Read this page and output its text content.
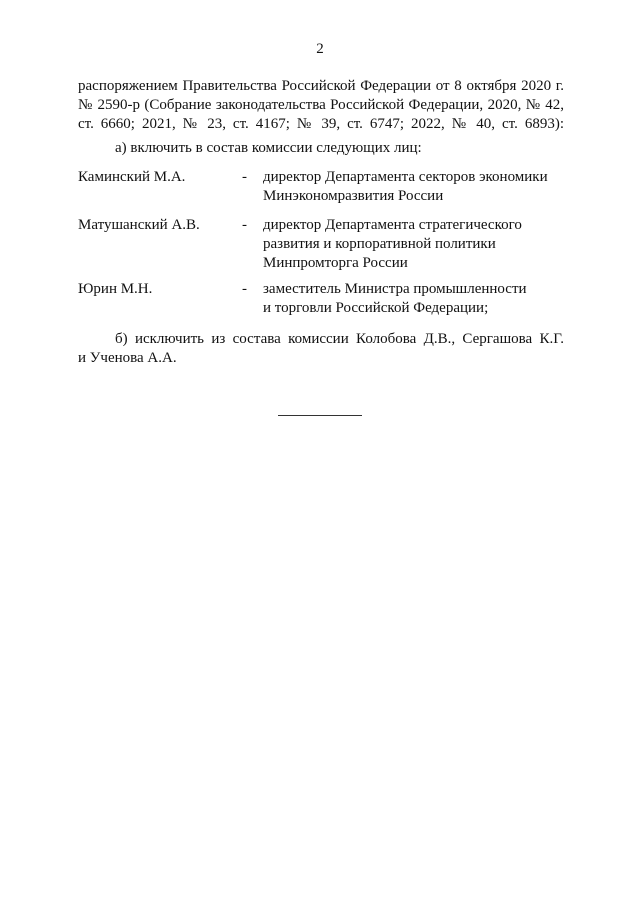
2
распоряжением Правительства Российской Федерации от 8 октября 2020 г.
№ 2590-р (Собрание законодательства Российской Федерации, 2020, № 42,
ст. 6660; 2021, № 23, ст. 4167; № 39, ст. 6747; 2022, № 40, ст. 6893):
а) включить в состав комиссии следующих лиц:
Каминский М.А.	- директор Департамента секторов экономики
Минэкономразвития России
Матушанский А.В.	- директор Департамента стратегического
развития и корпоративной политики
Минпромторга России
Юрин М.Н.	- заместитель Министра промышленности
и торговли Российской Федерации;
б) исключить из состава комиссии Колобова Д.В., Сергашова К.Г.
и Ученова А.А.
